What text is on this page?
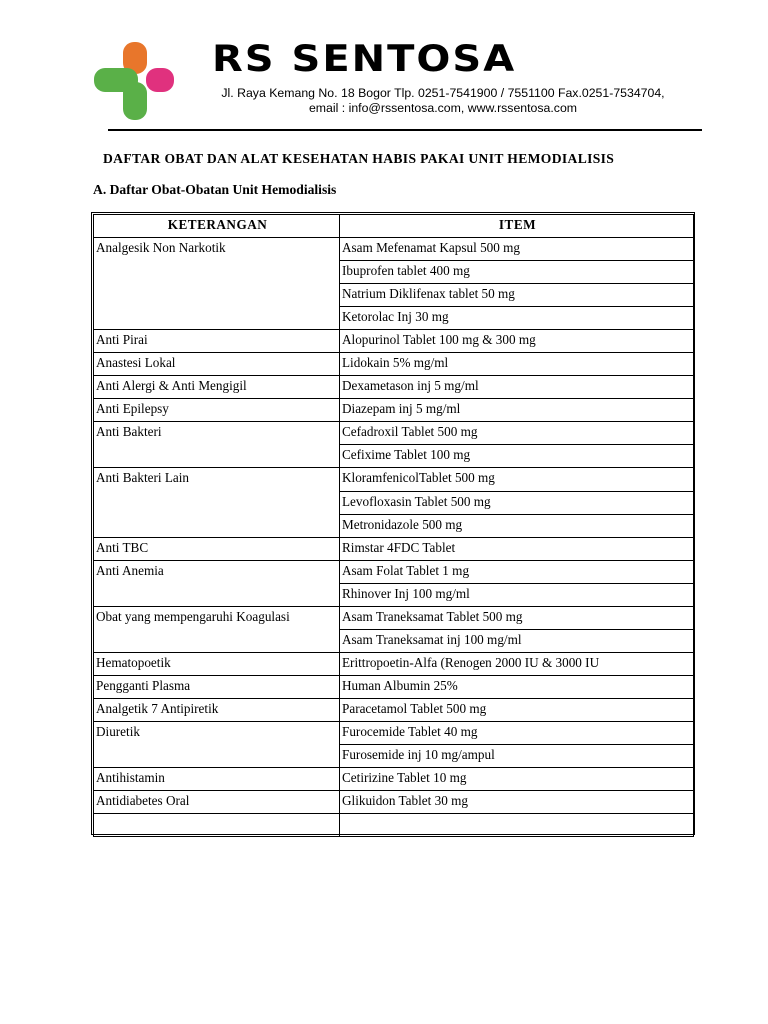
RS SENTOSA
Jl. Raya Kemang No. 18 Bogor Tlp. 0251-7541900 / 7551100 Fax.0251-7534704,
email : info@rssentosa.com, www.rssentosa.com
DAFTAR OBAT DAN ALAT KESEHATAN HABIS PAKAI UNIT HEMODIALISIS
A. Daftar Obat-Obatan Unit Hemodialisis
KETERANGAN	ITEM
Analgesik Non Narkotik	Asam Mefenamat Kapsul 500 mg
	Ibuprofen tablet 400 mg
	Natrium Diklifenax tablet 50 mg
	Ketorolac Inj 30 mg
Anti Pirai	Alopurinol Tablet 100 mg & 300 mg
Anastesi Lokal	Lidokain 5% mg/ml
Anti Alergi & Anti Mengigil	Dexametason inj 5 mg/ml
Anti Epilepsy	Diazepam inj 5 mg/ml
Anti Bakteri	Cefadroxil Tablet 500 mg
	Cefixime Tablet 100 mg
Anti Bakteri Lain	KloramfenicolTablet 500 mg
	Levofloxasin Tablet 500 mg
	Metronidazole 500 mg
Anti TBC	Rimstar 4FDC Tablet
Anti Anemia	Asam Folat Tablet 1 mg
	Rhinover Inj 100 mg/ml
Obat yang mempengaruhi Koagulasi	Asam Traneksamat Tablet 500 mg
	Asam Traneksamat inj 100 mg/ml
Hematopoetik	Erittropoetin-Alfa (Renogen 2000 IU & 3000 IU
Pengganti Plasma	Human Albumin 25%
Analgetik 7 Antipiretik	Paracetamol Tablet 500 mg
Diuretik	Furocemide Tablet 40 mg
	Furosemide inj 10 mg/ampul
Antihistamin	Cetirizine Tablet 10 mg
Antidiabetes Oral	Glikuidon Tablet 30 mg
